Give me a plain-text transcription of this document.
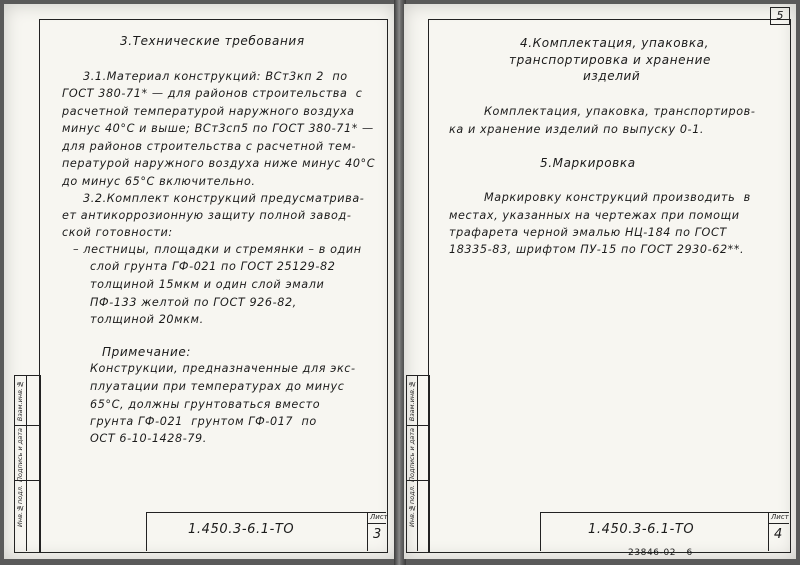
3.Технические требования
3.1.Материал конструкций: ВСт3кп 2  по
ГОСТ 380-71* — для районов строительства  с
расчетной температурой наружного воздуха
минус 40°С и выше; ВСт3сп5 по ГОСТ 380-71* —
для районов строительства с расчетной тем-
пературой наружного воздуха ниже минус 40°С
до минус 65°С включительно.
3.2.Комплект конструкций предусматрива-
ет антикоррозионную защиту полной завод-
ской готовности:
– лестницы, площадки и стремянки – в один
слой грунта ГФ-021 по ГОСТ 25129-82
толщиной 15мкм и один слой эмали
ПФ-133 желтой по ГОСТ 926-82,
толщиной 20мкм.
Примечание:
Конструкции, предназначенные для экс-
плуатации при температурах до минус
65°С, должны грунтоваться вместо
грунта ГФ-021  грунтом ГФ-017  по
ОСТ 6-10-1428-79.
1.450.3-6.1-ТО
Лист
3
Инв.№подл.
Подпись и дата
Взам.инв.№
5
4.Комплектация, упаковка,
транспортировка и хранение
изделий
Комплектация, упаковка, транспортиров-
ка и хранение изделий по выпуску 0-1.
5.Маркировка
Маркировку конструкций производить  в
местах, указанных на чертежах при помощи
трафарета черной эмалью НЦ-184 по ГОСТ
18335-83, шрифтом ПУ-15 по ГОСТ 2930-62**.
1.450.3-6.1-ТО
Лист
4
Инв.№подл.
Подпись и дата
Взам.инв.№
23846-02   6
